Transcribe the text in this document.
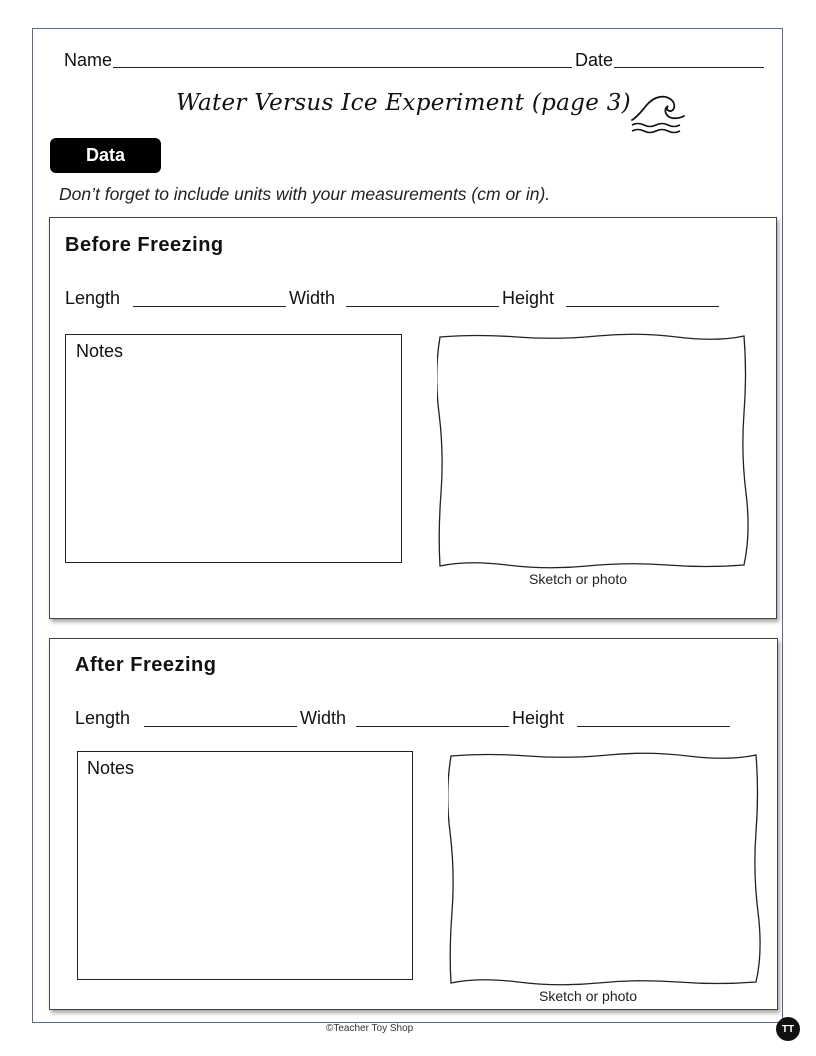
Name	Date
Water Versus Ice Experiment (page 3)
Data
Don’t forget to include units with your measurements (cm or in).
Before Freezing
Length	Width	Height
Notes
Sketch or photo
After Freezing
Length	Width	Height
Notes
Sketch or photo
©Teacher Toy Shop	TT
